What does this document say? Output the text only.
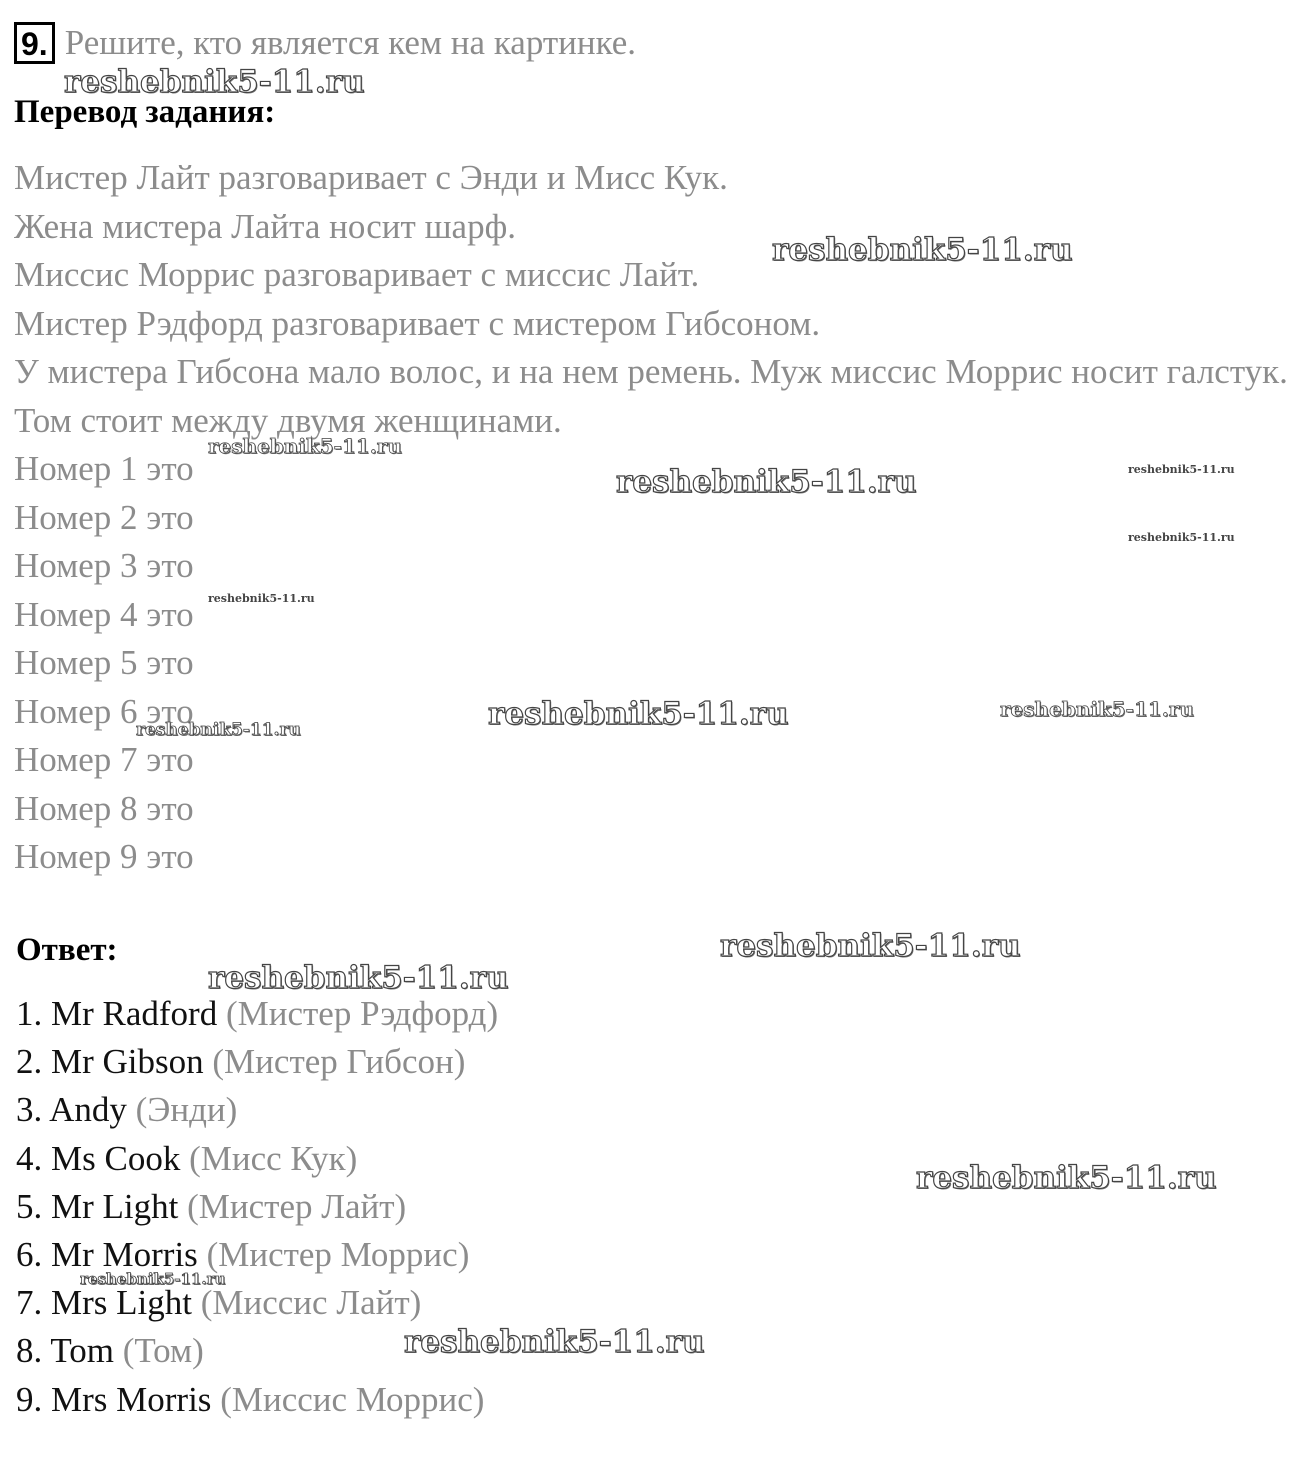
9. Решите, кто является кем на картинке.
Перевод задания:

Мистер Лайт разговаривает с Энди и Мисс Кук.

Жена мистера Лайта носит шарф.

Миссис Моррис разговаривает с миссис Лайт.

Мистер Рэдфорд разговаривает с мистером Гибсоном.

У мистера Гибсона мало волос, и на нем ремень. Муж миссис Моррис носит галстук.

Том стоит между двумя женщинами.

Номер 1 это

Номер 2 это

Номер 3 это

Номер 4 это

Номер 5 это

Номер 6 это

Номер 7 это

Номер 8 это

Номер 9 это

Ответ:
1. Mr Radford (Мистер Рэдфорд)
2. Mr Gibson (Мистер Гибсон)
3. Andy (Энди)
4. Ms Cook (Мисс Кук)
5. Mr Light (Мистер Лайт)
6. Mr Morris (Мистер Моррис)
7. Mrs Light (Миссис Лайт)
8. Tom (Том)
9. Mrs Morris (Миссис Моррис)
reshebnik5-11.ru
reshebnik5-11.ru
reshebnik5-11.ru
reshebnik5-11.ru	reshebnik5-11.ru
reshebnik5-11.ru
reshebnik5-11.ru
reshebnik5-11.ru	reshebnik5-11.ru
reshebnik5-11.ru
reshebnik5-11.ru
reshebnik5-11.ru
reshebnik5-11.ru
reshebnik5-11.ru
reshebnik5-11.ru
